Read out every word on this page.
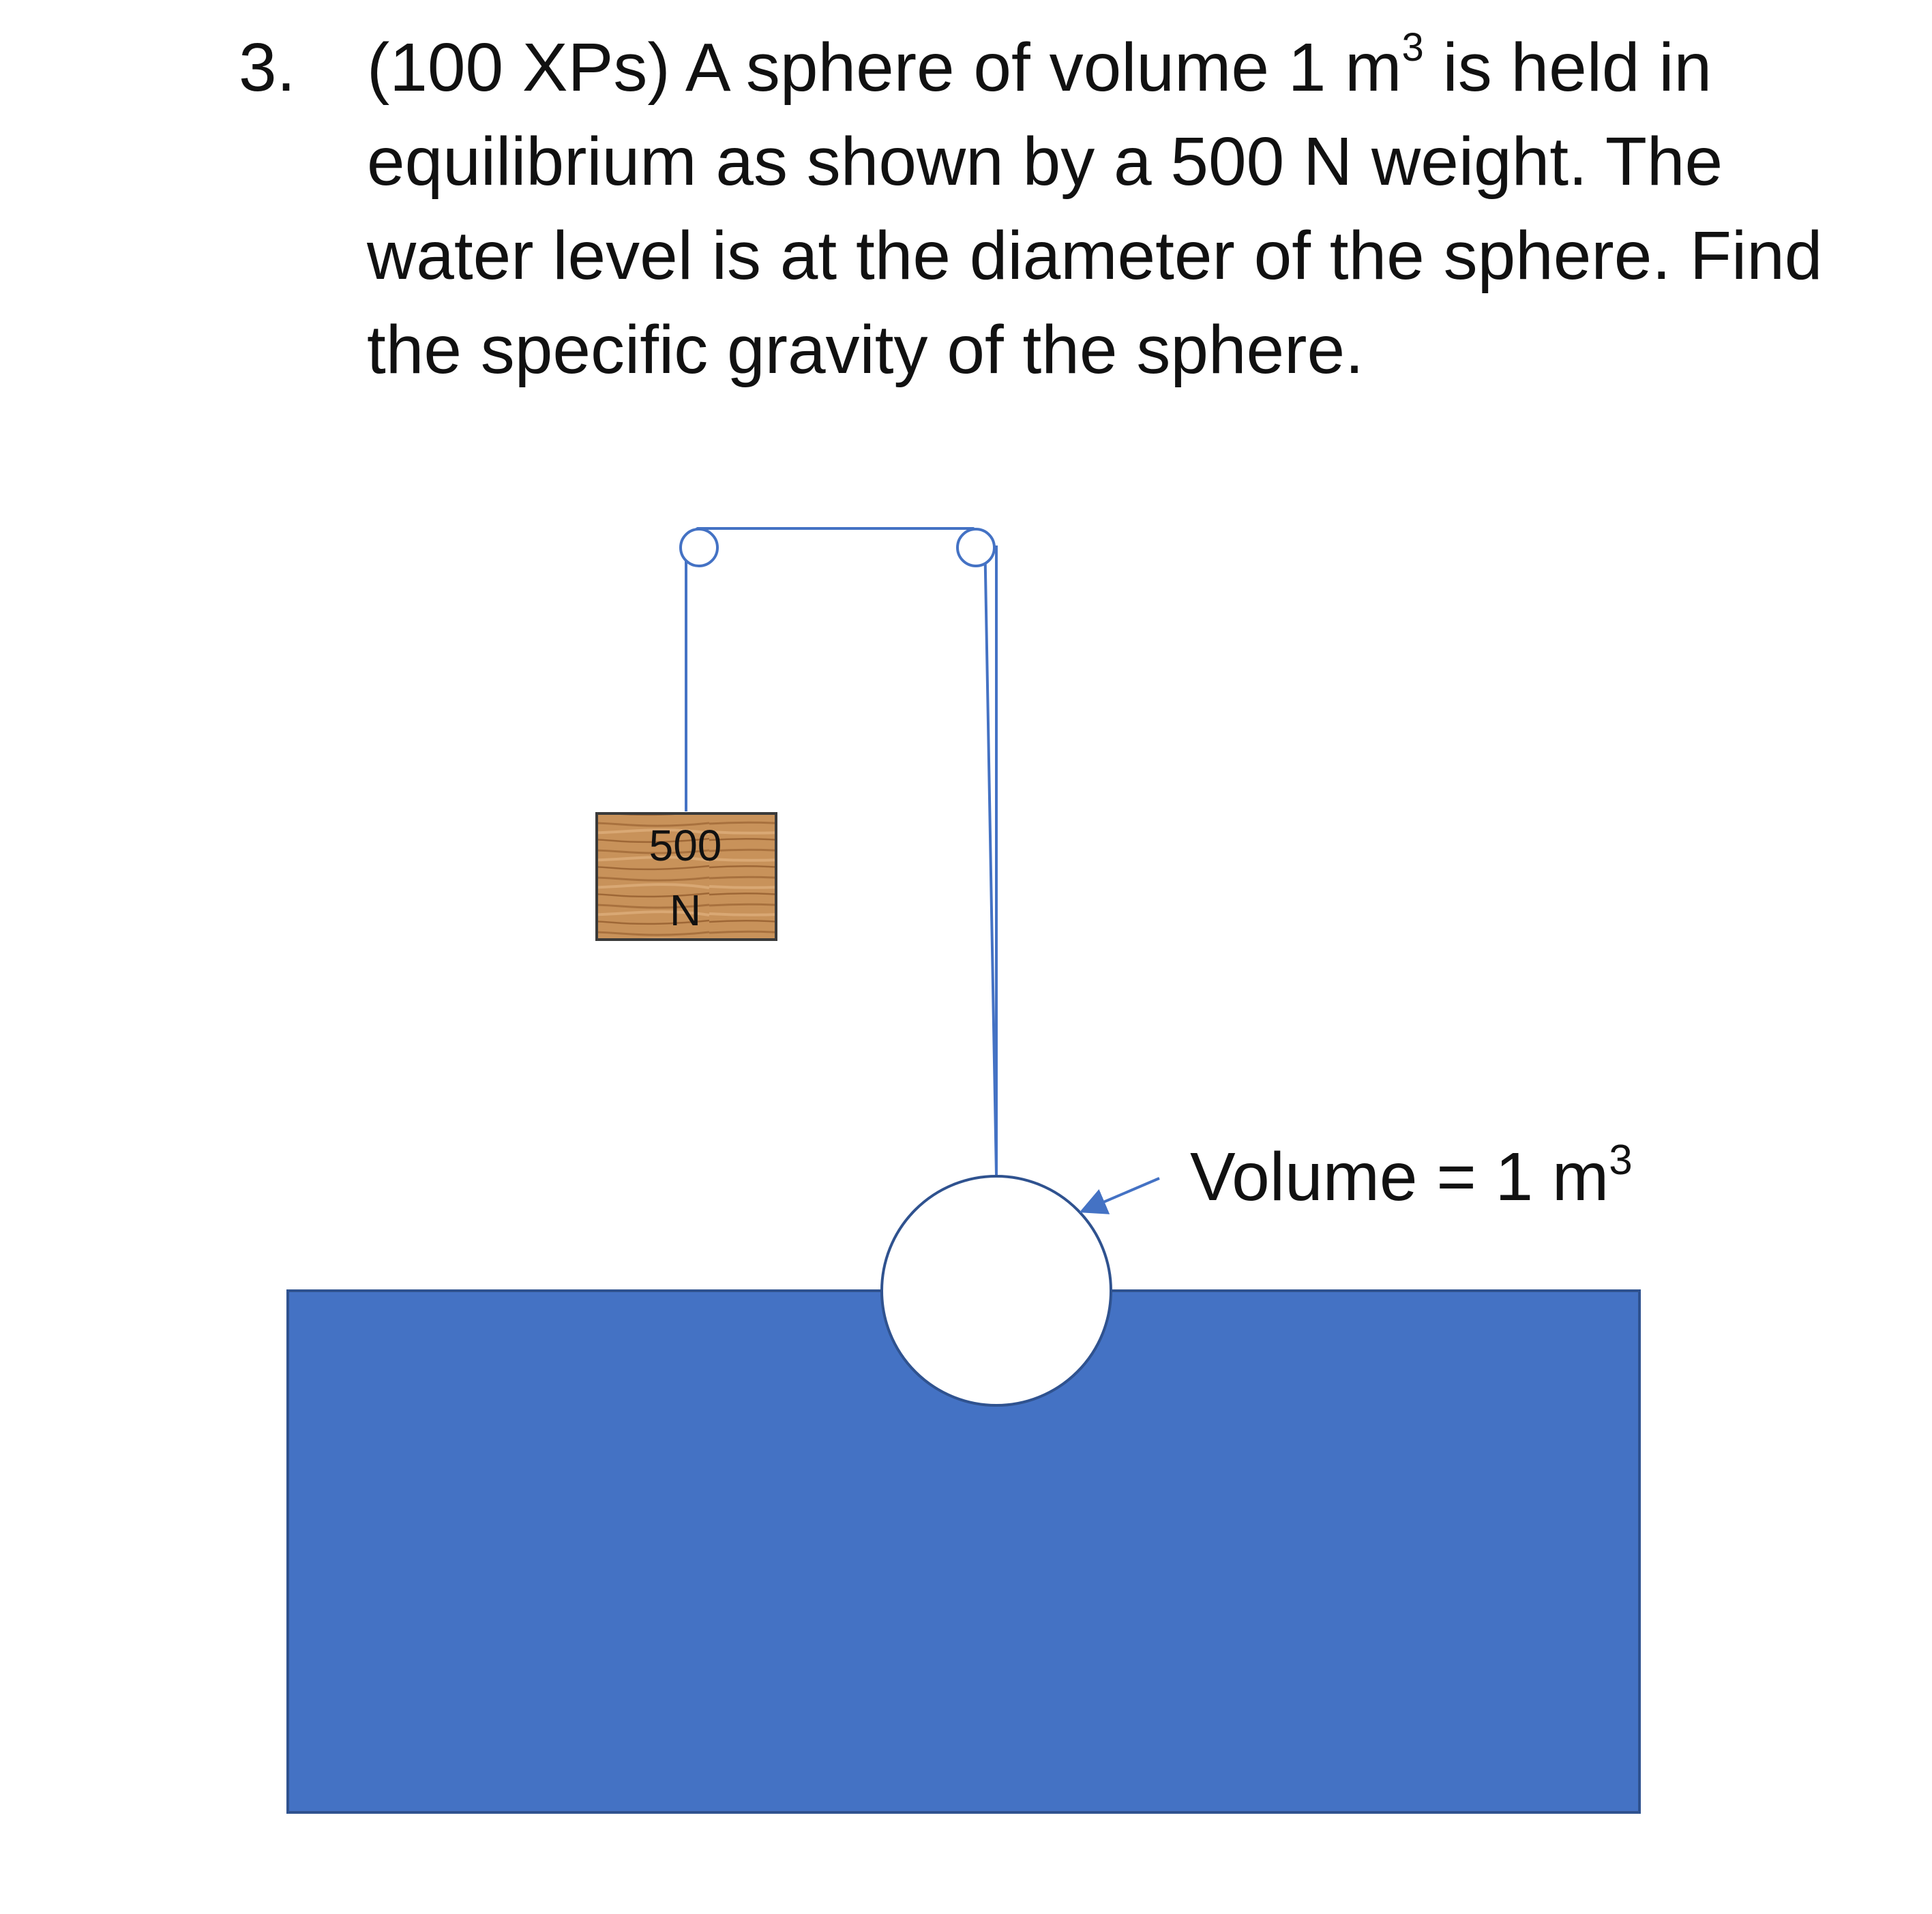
3. (100 XPs) A sphere of volume 1 $m^3$ is held in equilibrium as shown by a 500 N weight. The water level is at the diameter of the sphere. Find the specific gravity of the sphere.

500
N
Volume = 1 $m^3$
